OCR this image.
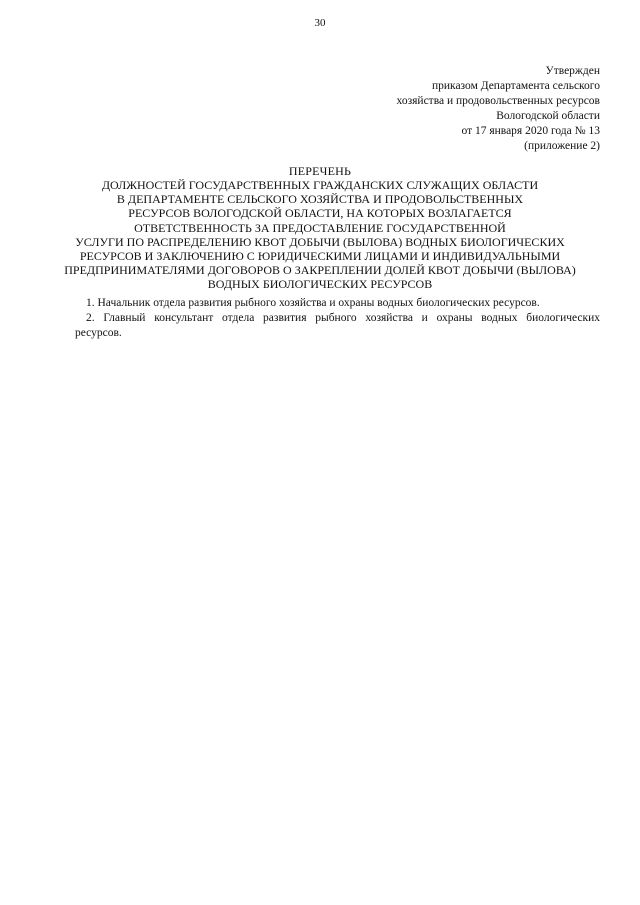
30
Утвержден
приказом Департамента сельского
хозяйства и продовольственных ресурсов
Вологодской области
от 17 января 2020 года № 13
(приложение 2)
ПЕРЕЧЕНЬ
ДОЛЖНОСТЕЙ ГОСУДАРСТВЕННЫХ ГРАЖДАНСКИХ СЛУЖАЩИХ ОБЛАСТИ
В ДЕПАРТАМЕНТЕ СЕЛЬСКОГО ХОЗЯЙСТВА И ПРОДОВОЛЬСТВЕННЫХ
РЕСУРСОВ ВОЛОГОДСКОЙ ОБЛАСТИ, НА КОТОРЫХ ВОЗЛАГАЕТСЯ
ОТВЕТСТВЕННОСТЬ ЗА ПРЕДОСТАВЛЕНИЕ ГОСУДАРСТВЕННОЙ
УСЛУГИ ПО РАСПРЕДЕЛЕНИЮ КВОТ ДОБЫЧИ (ВЫЛОВА) ВОДНЫХ БИОЛОГИЧЕСКИХ
РЕСУРСОВ И ЗАКЛЮЧЕНИЮ С ЮРИДИЧЕСКИМИ ЛИЦАМИ И ИНДИВИДУАЛЬНЫМИ
ПРЕДПРИНИМАТЕЛЯМИ ДОГОВОРОВ О ЗАКРЕПЛЕНИИ ДОЛЕЙ КВОТ ДОБЫЧИ (ВЫЛОВА)
ВОДНЫХ БИОЛОГИЧЕСКИХ РЕСУРСОВ
1. Начальник отдела развития рыбного хозяйства и охраны водных биологических ресурсов.
2. Главный консультант отдела развития рыбного хозяйства и охраны водных биологических
ресурсов.
